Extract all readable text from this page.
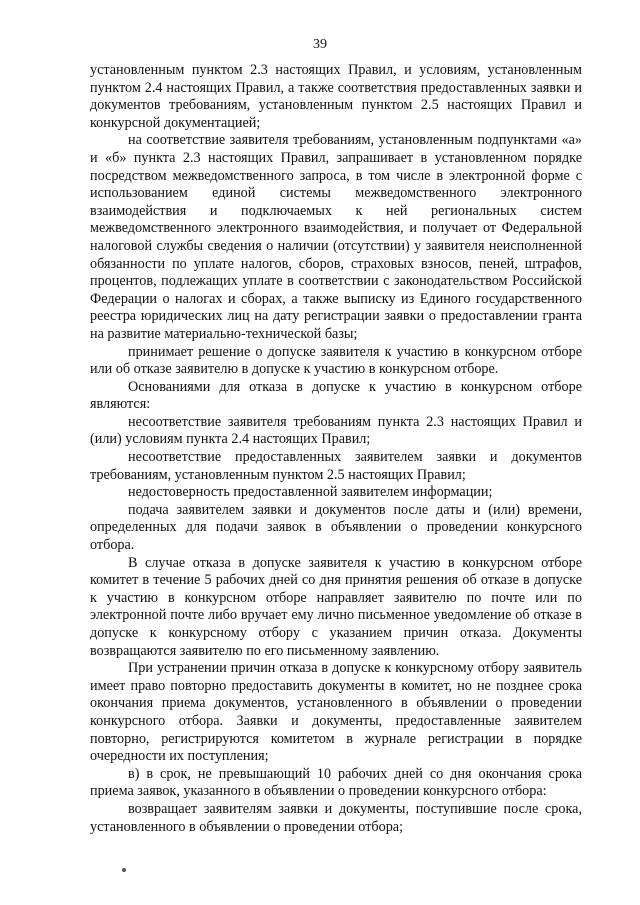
39

установленным пунктом 2.3 настоящих Правил, и условиям, установленным пунктом 2.4 настоящих Правил, а также соответствия предоставленных заявки и документов требованиям, установленным пунктом 2.5 настоящих Правил и конкурсной документацией;

на соответствие заявителя требованиям, установленным подпунктами «а» и «б» пункта 2.3 настоящих Правил, запрашивает в установленном порядке посредством межведомственного запроса, в том числе в электронной форме с использованием единой системы межведомственного электронного взаимодействия и подключаемых к ней региональных систем межведомственного электронного взаимодействия, и получает от Федеральной налоговой службы сведения о наличии (отсутствии) у заявителя неисполненной обязанности по уплате налогов, сборов, страховых взносов, пеней, штрафов, процентов, подлежащих уплате в соответствии с законодательством Российской Федерации о налогах и сборах, а также выписку из Единого государственного реестра юридических лиц на дату регистрации заявки о предоставлении гранта на развитие материально-технической базы;

принимает решение о допуске заявителя к участию в конкурсном отборе или об отказе заявителю в допуске к участию в конкурсном отборе.

Основаниями для отказа в допуске к участию в конкурсном отборе являются:

несоответствие заявителя требованиям пункта 2.3 настоящих Правил и (или) условиям пункта 2.4 настоящих Правил;

несоответствие предоставленных заявителем заявки и документов требованиям, установленным пунктом 2.5 настоящих Правил;

недостоверность предоставленной заявителем информации;

подача заявителем заявки и документов после даты и (или) времени, определенных для подачи заявок в объявлении о проведении конкурсного отбора.

В случае отказа в допуске заявителя к участию в конкурсном отборе комитет в течение 5 рабочих дней со дня принятия решения об отказе в допуске к участию в конкурсном отборе направляет заявителю по почте или по электронной почте либо вручает ему лично письменное уведомление об отказе в допуске к конкурсному отбору с указанием причин отказа. Документы возвращаются заявителю по его письменному заявлению.

При устранении причин отказа в допуске к конкурсному отбору заявитель имеет право повторно предоставить документы в комитет, но не позднее срока окончания приема документов, установленного в объявлении о проведении конкурсного отбора. Заявки и документы, предоставленные заявителем повторно, регистрируются комитетом в журнале регистрации в порядке очередности их поступления;

в) в срок, не превышающий 10 рабочих дней со дня окончания срока приема заявок, указанного в объявлении о проведении конкурсного отбора:

возвращает заявителям заявки и документы, поступившие после срока, установленного в объявлении о проведении отбора;
